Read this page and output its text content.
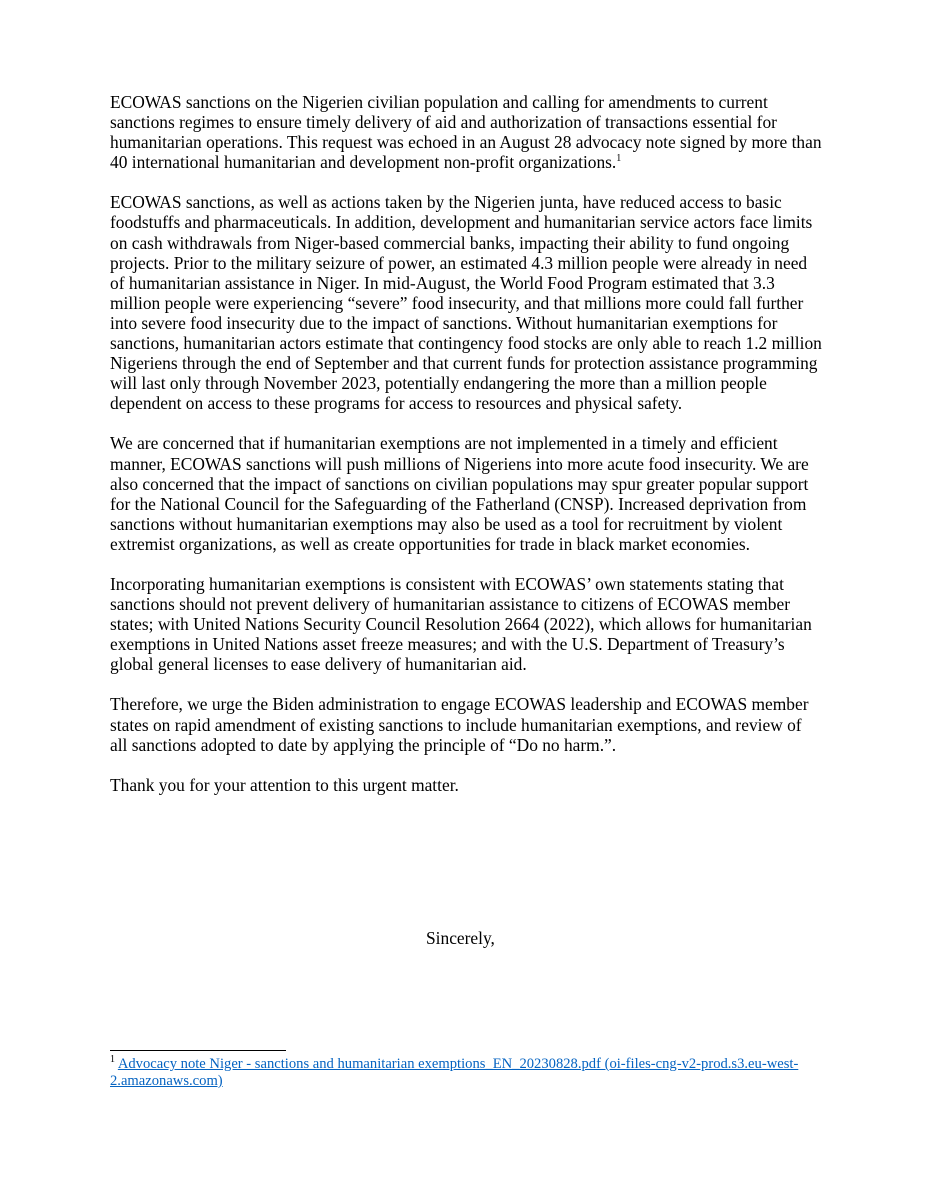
ECOWAS sanctions on the Nigerien civilian population and calling for amendments to current sanctions regimes to ensure timely delivery of aid and authorization of transactions essential for humanitarian operations. This request was echoed in an August 28 advocacy note signed by more than 40 international humanitarian and development non-profit organizations.$^1$

ECOWAS sanctions, as well as actions taken by the Nigerien junta, have reduced access to basic foodstuffs and pharmaceuticals. In addition, development and humanitarian service actors face limits on cash withdrawals from Niger-based commercial banks, impacting their ability to fund ongoing projects. Prior to the military seizure of power, an estimated 4.3 million people were already in need of humanitarian assistance in Niger. In mid-August, the World Food Program estimated that 3.3 million people were experiencing “severe” food insecurity, and that millions more could fall further into severe food insecurity due to the impact of sanctions. Without humanitarian exemptions for sanctions, humanitarian actors estimate that contingency food stocks are only able to reach 1.2 million Nigeriens through the end of September and that current funds for protection assistance programming will last only through November 2023, potentially endangering the more than a million people dependent on access to these programs for access to resources and physical safety.

We are concerned that if humanitarian exemptions are not implemented in a timely and efficient manner, ECOWAS sanctions will push millions of Nigeriens into more acute food insecurity. We are also concerned that the impact of sanctions on civilian populations may spur greater popular support for the National Council for the Safeguarding of the Fatherland (CNSP). Increased deprivation from sanctions without humanitarian exemptions may also be used as a tool for recruitment by violent extremist organizations, as well as create opportunities for trade in black market economies.

Incorporating humanitarian exemptions is consistent with ECOWAS’ own statements stating that sanctions should not prevent delivery of humanitarian assistance to citizens of ECOWAS member states; with United Nations Security Council Resolution 2664 (2022), which allows for humanitarian exemptions in United Nations asset freeze measures; and with the U.S. Department of Treasury’s global general licenses to ease delivery of humanitarian aid.

Therefore, we urge the Biden administration to engage ECOWAS leadership and ECOWAS member states on rapid amendment of existing sanctions to include humanitarian exemptions, and review of all sanctions adopted to date by applying the principle of “Do no harm.”.

Thank you for your attention to this urgent matter.

Sincerely,

$^1$ Advocacy note Niger - sanctions and humanitarian exemptions_EN_20230828.pdf (oi-files-cng-v2-prod.s3.eu-west-2.amazonaws.com)
